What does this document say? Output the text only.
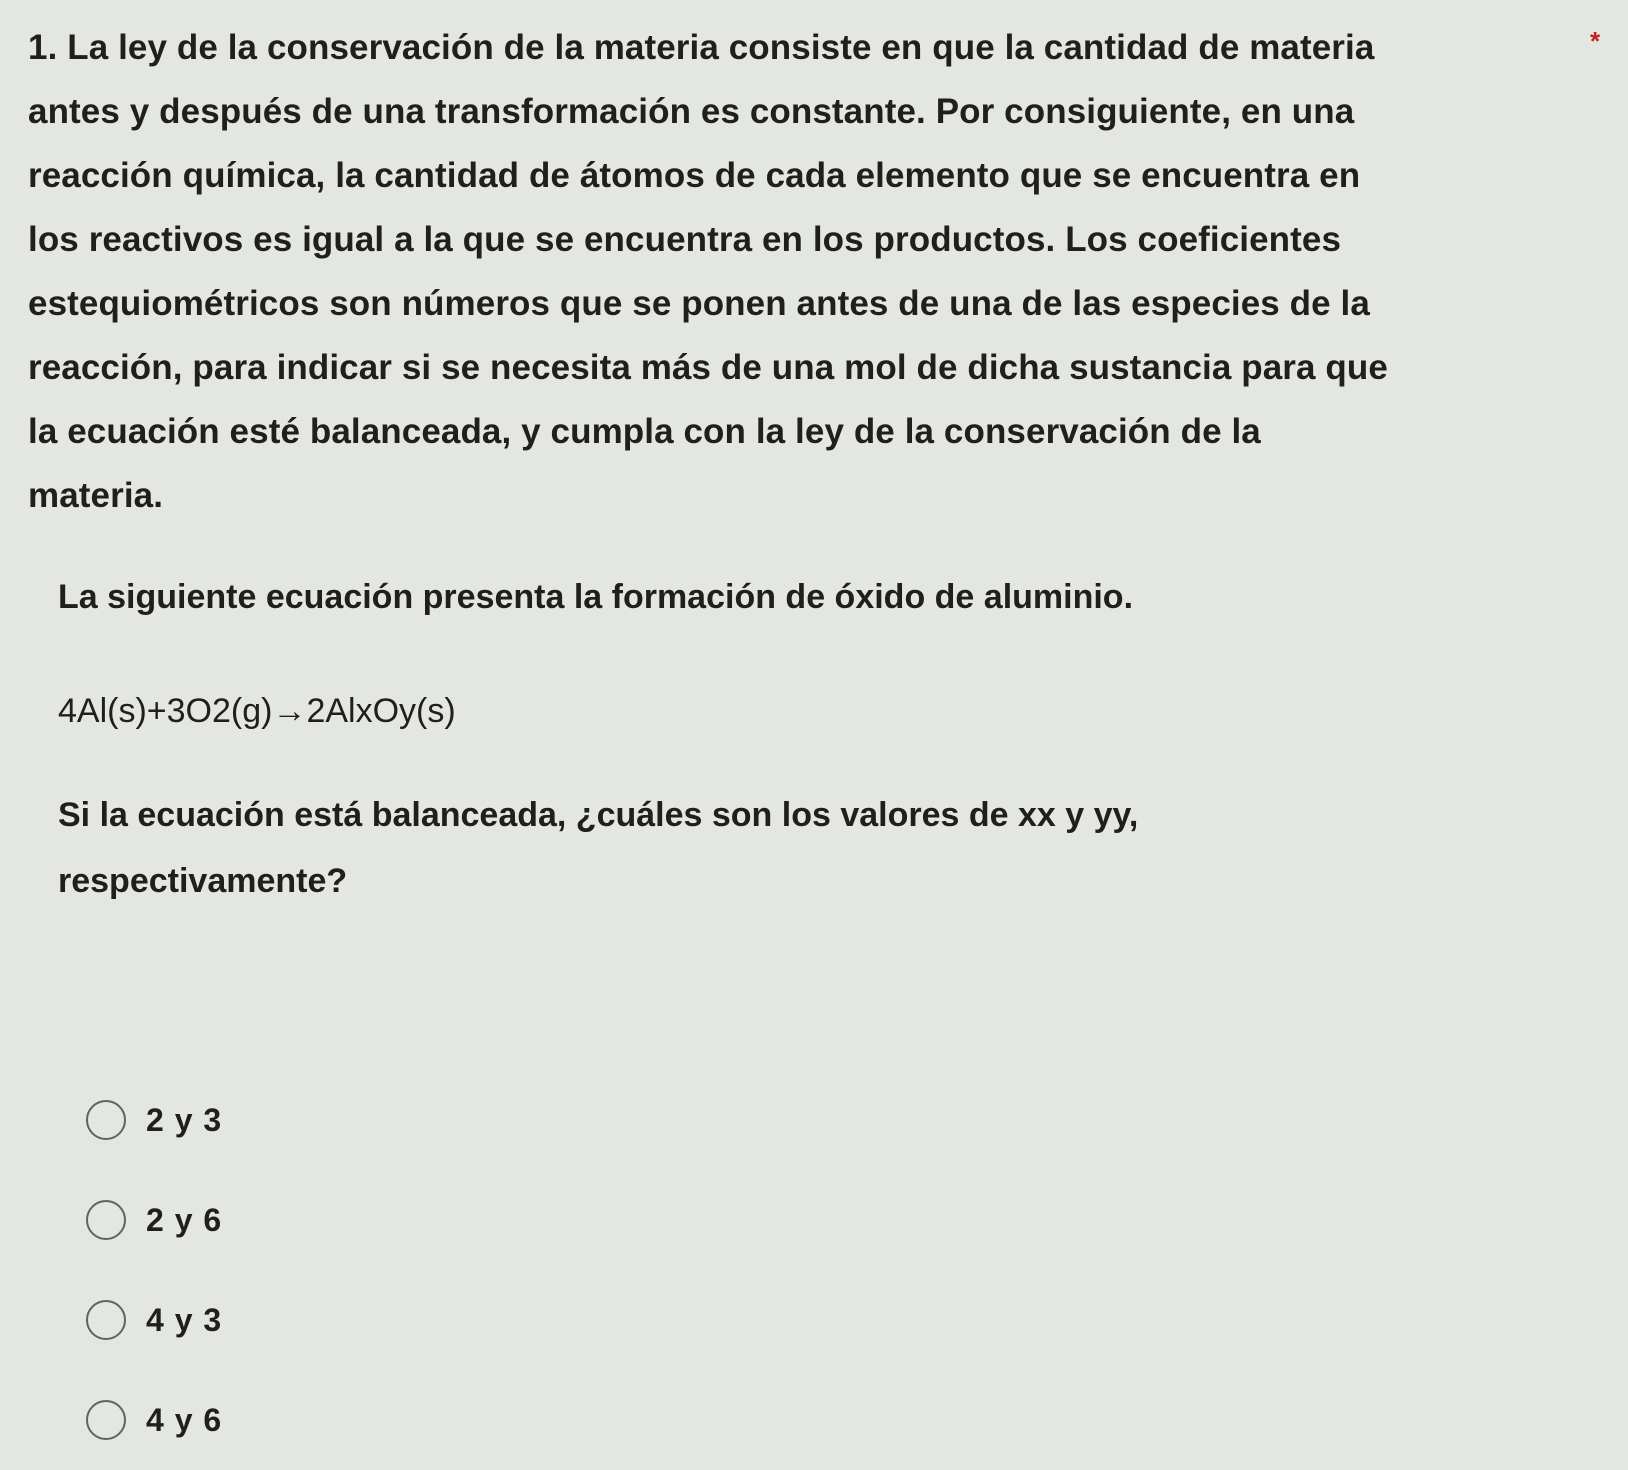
1. La ley de la conservación de la materia consiste en que la cantidad de materia
antes y después de una transformación es constante. Por consiguiente, en una
reacción química, la cantidad de átomos de cada elemento que se encuentra en
los reactivos es igual a la que se encuentra en los productos. Los coeficientes
estequiométricos son números que se ponen antes de una de las especies de la
reacción, para indicar si se necesita más de una mol de dicha sustancia para que
la ecuación esté balanceada, y cumpla con la ley de la conservación de la
materia.
*

La siguiente ecuación presenta la formación de óxido de aluminio.

4Al(s)+3O2(g)→2AlxOy(s)

Si la ecuación está balanceada, ¿cuáles son los valores de xx y yy,
respectivamente?
2 y 3
2 y 6
4 y 3
4 y 6
